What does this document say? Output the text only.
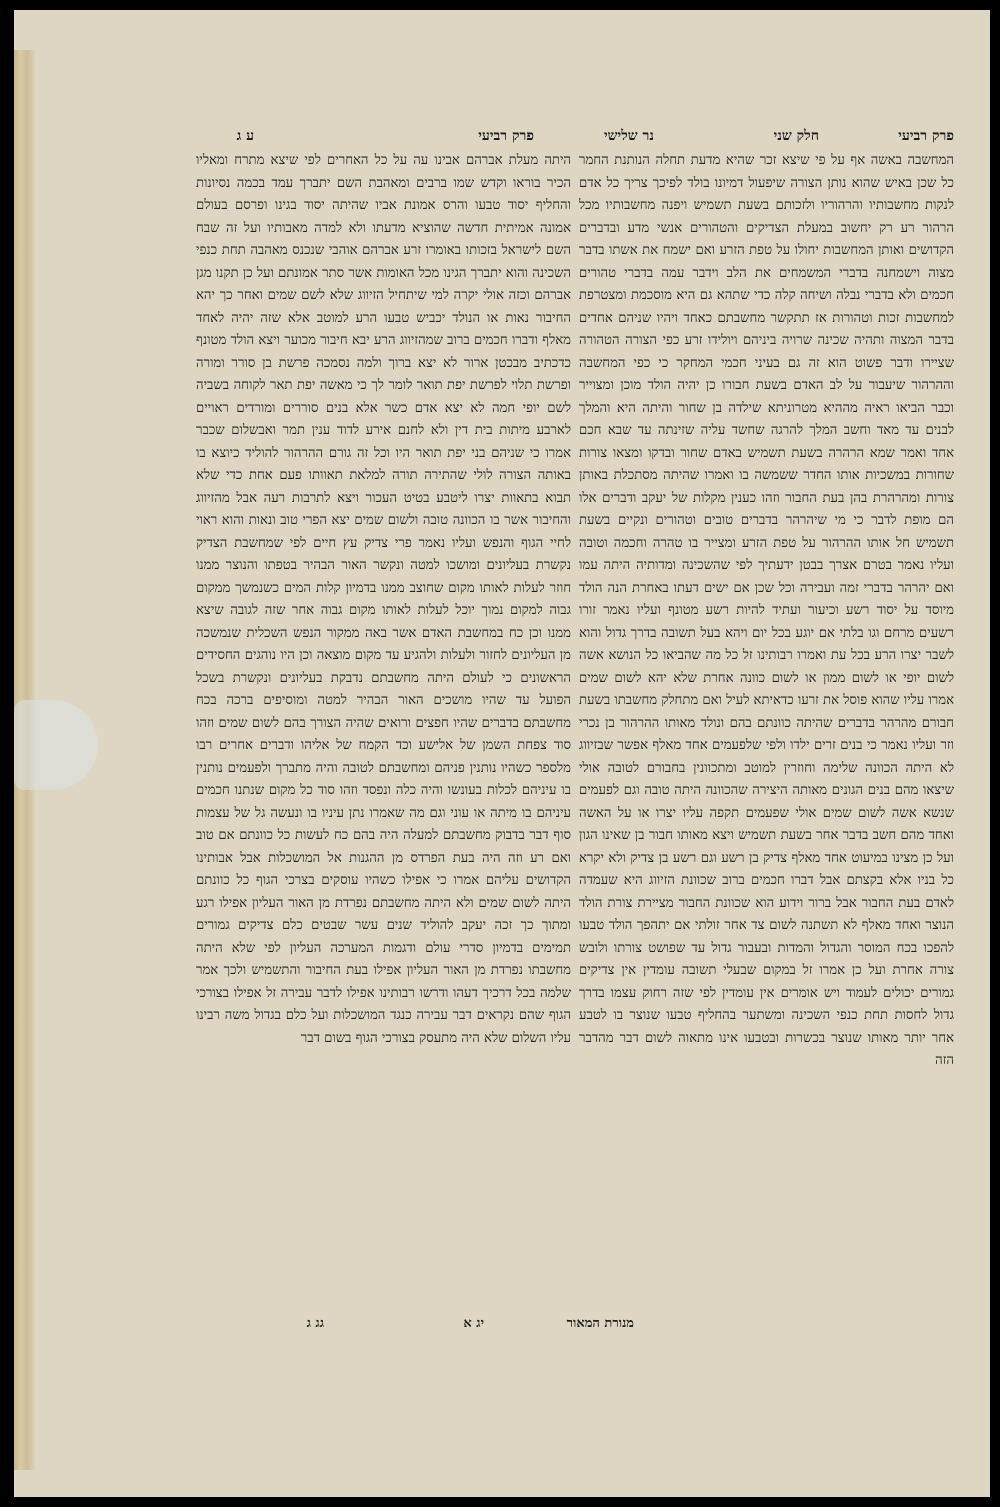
פרק רביעי
חלק שני
נר שלישי
פרק רביעי
ע ג

המחשבה באשה אף על פי שיצא זכר שהיא מדעת תחלה הנותנת החמר כל שכן באיש שהוא נותן הצורה שיפעול דמיונו בולד לפיכך צריך כל אדם לנקות מחשבותיו והרהוריו ולזכותם בשעת תשמיש ויפנה מחשבותיו מכל הרהור רע רק יחשוב במעלת הצדיקים והטהורים אנשי מדע ובדברים הקדושים ואותן המחשבות יחולו על טפת הזרע ואם ישמח את אשתו בדבר מצוה וישמחנה בדברי המשמחים את הלב וידבר עמה בדברי טהורים חכמים ולא בדברי נבלה ושיחה קלה כדי שתהא גם היא מוסכמת ומצטרפת למחשבות זכות וטהורות אז תתקשר מחשבתם כאחד ויהיו שניהם אחדים בדבר המצוה ותהיה שכינה שרויה ביניהם ויולידו זרע כפי הצורה הטהורה שציירו ודבר פשוט הוא זה גם בעיני חכמי המחקר כי כפי המחשבה וההרהור שיעבור על לב האדם בשעת חבורו כן יהיה הולד מוכן ומצוייר וכבר הביאו ראיה מההיא מטרוניתא שילדה בן שחור והיתה היא והמלך לבנים עד מאד וחשב המלך להרגה שחשד עליה שזינתה עד שבא חכם אחד ואמר שמא הרהרה בשעת תשמיש באדם שחור ובדקו ומצאו צורות שחורות במשכיות אותו החדר ששמשה בו ואמרו שהיתה מסתכלת באותן צורות ומהרהרת בהן בעת החבור וזהו כענין מקלות של יעקב ודברים אלו הם מופת לדבר כי מי שיהרהר בדברים טובים וטהורים ונקיים בשעת תשמיש חל אותו ההרהור על טפת הזרע ומצייר בו טהרה וחכמה וטובה ועליו נאמר בטרם אצרך בבטן ידעתיך לפי שהשכינה ומדותיה היתה עמו ואם יהרהר בדברי זמה ועבירה וכל שכן אם ישים דעתו באחרת הנה הולד מיוסד על יסוד רשע וכיעור ועתיד להיות רשע מטונף ועליו נאמר זורו רשעים מרחם וגו בלתי אם יוגע בכל יום ויהא בעל תשובה בדרך גדול והוא לשבר יצרו הרע בכל עת ואמרו רבותינו זל כל מה שהביאו כל הנושא אשה לשום יופי או לשום ממון או לשום כוונה אחרת שלא יהא לשום שמים אמרו עליו שהוא פוסל את זרעו כדאיתא לעיל ואם מתחלק מחשבתו בשעת חבורם מהרהר בדברים שהיתה כוונתם בהם ונולד מאותו ההרהור בן נכרי וזר ועליו נאמר כי בנים זרים ילדו ולפי שלפעמים אחד מאלף אפשר שבזיווג לא היתה הכוונה שלימה וחוזרין למוטב ומתכוונין בחבורם לטובה אולי שיצאו מהם בנים הגונים מאותה היצירה שהכוונה היתה טובה וגם לפעמים שנשא אשה לשום שמים אולי שפעמים תקפה עליו יצרו או על האשה ואחד מהם חשב בדבר אחר בשעת תשמיש ויצא מאותו חבור בן שאינו הגון ועל כן מצינו במיעוט אחד מאלף צדיק בן רשע וגם רשע בן צדיק ולא יקרא כל בניו אלא בקצתם אבל דברו חכמים ברוב שכוונת הזיווג היא שעמדה לאדם בעת החבור אבל ברור וידוע הוא שכוונת החבור מציירת צורת הולד הנוצר ואחד מאלף לא תשתנה לשום צד אחר זולתי אם יתהפך הולד טבעו להפכו בכח המוסר והגדול והמדות ובעבור גדול עד שפושט צורתו ולובש צורה אחרת ועל כן אמרו זל במקום שבעלי תשובה עומדין אין צדיקים גמורים יכולים לעמוד ויש אומרים אין עומדין לפי שזה רחוק עצמו בדרך גדול לחסות תחת כנפי השכינה ומשתער בהחליף טבעו שנוצר בו לטבע אחר יותר מאותו שנוצר בכשרות ובטבעו אינו מתאוה לשום דבר מהדבר הזה

היתה מעלת אברהם אבינו עה על כל האחרים לפי שיצא מתרח ומאליו הכיר בוראו וקדש שמו ברבים ומאהבת השם יתברך עמד בכמה נסיונות והחליף יסוד טבעו והרס אמונת אביו שהיתה יסוד בגינו ופרסם בעולם אמונה אמיתית חדשה שהוציא מדעתו ולא למדה מאבותיו ועל זה שבח השם לישראל בזכותו באומרו זרע אברהם אוהבי שנכנס מאהבה תחת כנפי השכינה והוא יתברך הגינו מכל האומות אשר סתר אמונתם ועל כן תקנו מגן אברהם וכזה אולי יקרה למי שיתחיל הזיווג שלא לשם שמים ואחר כך יהא החיבור נאות או הנולד יכביש טבעו הרע למוטב אלא שזה יהיה לאחד מאלף ודברו חכמים ברוב שמהזיווג הרע יבא חיבור מכוער ויצא הולד מטונף כדכתיב מבכטן ארור לא יצא ברוך ולמה נסמכה פרשת בן סורר ומורה ופרשת תלוי לפרשת יפת תואר לומר לך כי מאשה יפת תאר לקוחה בשביה לשם יופי חמה לא יצא אדם כשר אלא בנים סוררים ומורדים ראויים לארבע מיתות בית דין ולא לחנם אירע לדוד ענין תמר ואבשלום שכבר אמרו כי שניהם בני יפת תואר היו וכל זה גורם ההרהור להוליד כיוצא בו באותה הצורה לולי שהתירה תורה למלאת תאוותו פעם אחת כדי שלא תבוא בתאוות יצרו ליטבע בטיט העכור ויצא לתרבות רעה אבל מהזיווג והחיבור אשר בו הכוונה טובה ולשום שמים יצא הפרי טוב ונאות והוא ראוי לחיי הגוף והנפש ועליו נאמר פרי צדיק עץ חיים לפי שמחשבת הצדיק נקשרת בעליונים ומושכו למטה ונקשר האור הבהיר בטפתו והנוצר ממנו חוזר לעלות לאותו מקום שחוצב ממנו בדמיון קלות המים כשנמשך ממקום גבוה למקום נמוך יוכל לעלות לאותו מקום גבוה אחר שזה לגובה שיצא ממנו וכן כח במחשבת האדם אשר באה ממקור הנפש השכלית שנמשכה מן העליונים לחזור ולעלות ולהגיע עד מקום מוצאה וכן היו נוהגים החסידים הראשונים כי לעולם היתה מחשבתם נדבקת בעליונים ונקשרת בשכל הפועל עד שהיו מושכים האור הבהיר למטה ומוסיפים ברכה בכח מחשבתם בדברים שהיו חפצים ורואים שהיה הצורך בהם לשום שמים וזהו סוד צפחת השמן של אלישע וכד הקמח של אליהו ודברים אחרים רבו מלספר כשהיו נותנין פניהם ומחשבתם לטובה והיה מתברך ולפעמים נותנין בו עיניהם לכלות בעונשו והיה כלה ונפסד וזהו סוד כל מקום שנתנו חכמים עיניהם בו מיתה או עוני וגם מה שאמרו נתן עיניו בו ונעשה גל של עצמות סוף דבר בדבוק מחשבתם למעלה היה בהם כח לעשות כל כוונתם אם טוב ואם רע וזה היה בעת הפרדס מן ההגנות אל המושכלות אבל אבותינו הקדושים עליהם אמרו כי אפילו כשהיו עוסקים בצרכי הגוף כל כוונתם היתה לשום שמים ולא היתה מחשבתם נפרדת מן האור העליון אפילו רגע ומתוך כך זכה יעקב להוליד שנים עשר שבטים כלם צדיקים גמורים תמימים בדמיון סדרי עולם ודגמות המערכה העליון לפי שלא היתה מחשבתו נפרדת מן האור העליון אפילו בעת החיבור והתשמיש ולכך אמר שלמה בכל דרכיך דעהו ודרשו רבותינו אפילו לדבר עבירה זל אפילו בצורכי הגוף שהם נקראים דבר עבירה כנגד המושכלות ועל כלם בגדול משה רבינו עליו השלום שלא היה מתעסק בצורכי הגוף בשום דבר

מנורת המאור
יג א
גג ג
